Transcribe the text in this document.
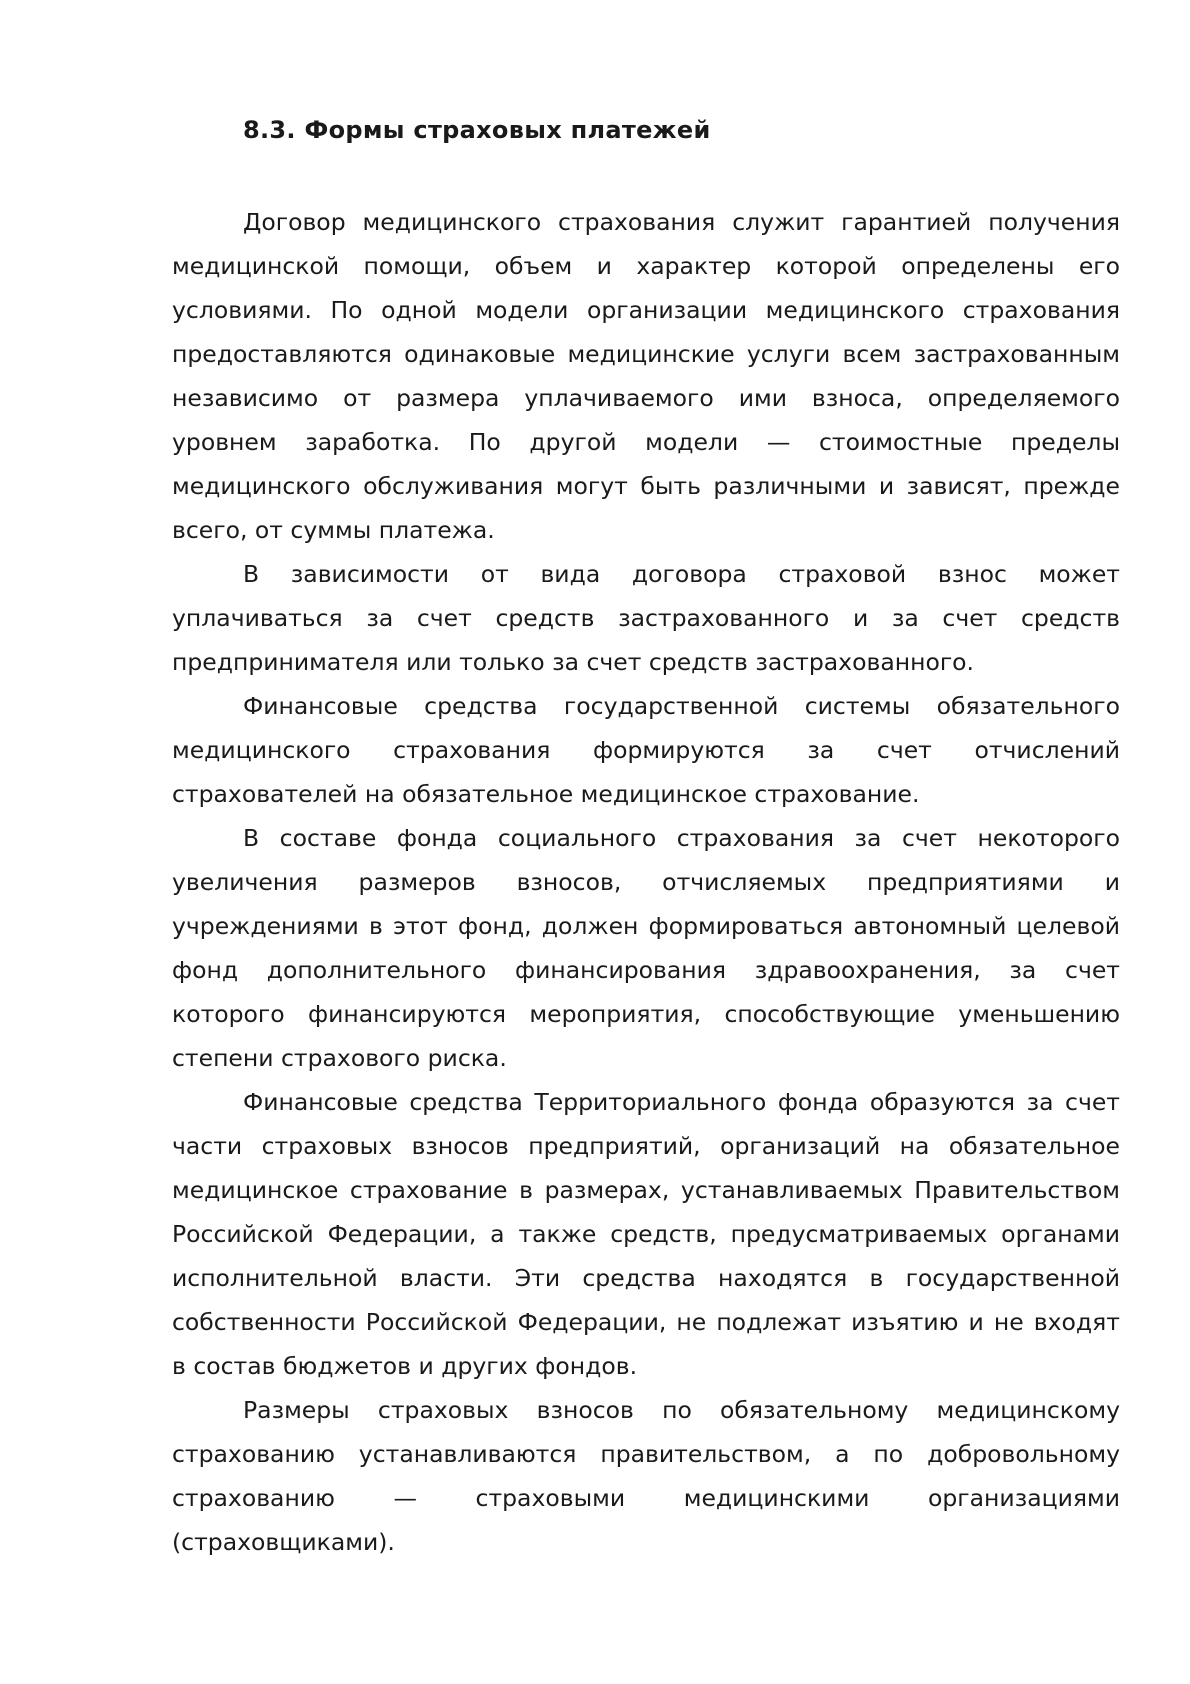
8.3. Формы страховых платежей

Договор медицинского страхования служит гарантией получения медицинской помощи, объем и характер которой определены его условиями. По одной модели организации медицинского страхования предоставляются одинаковые медицинские услуги всем застрахованным независимо от размера уплачиваемого ими взноса, определяемого уровнем заработка. По другой модели — стоимостные пределы медицинского обслуживания могут быть различными и зависят, прежде всего, от суммы платежа.

В зависимости от вида договора страховой взнос может уплачиваться за счет средств застрахованного и за счет средств предпринимателя или только за счет средств застрахованного.

Финансовые средства государственной системы обязательного медицинского страхования формируются за счет отчислений страхователей на обязательное медицинское страхование.

В составе фонда социального страхования за счет некоторого увеличения размеров взносов, отчисляемых предприятиями и учреждениями в этот фонд, должен формироваться автономный целевой фонд дополнительного финансирования здравоохранения, за счет которого финансируются мероприятия, способствующие уменьшению степени страхового риска.

Финансовые средства Территориального фонда образуются за счет части страховых взносов предприятий, организаций на обязательное медицинское страхование в размерах, устанавливаемых Правительством Российской Федерации, а также средств, предусматриваемых органами исполнительной власти. Эти средства находятся в государственной собственности Российской Федерации, не подлежат изъятию и не входят в состав бюджетов и других фондов.

Размеры страховых взносов по обязательному медицинскому страхованию устанавливаются правительством, а по добровольному страхованию — страховыми медицинскими организациями (страховщиками).
